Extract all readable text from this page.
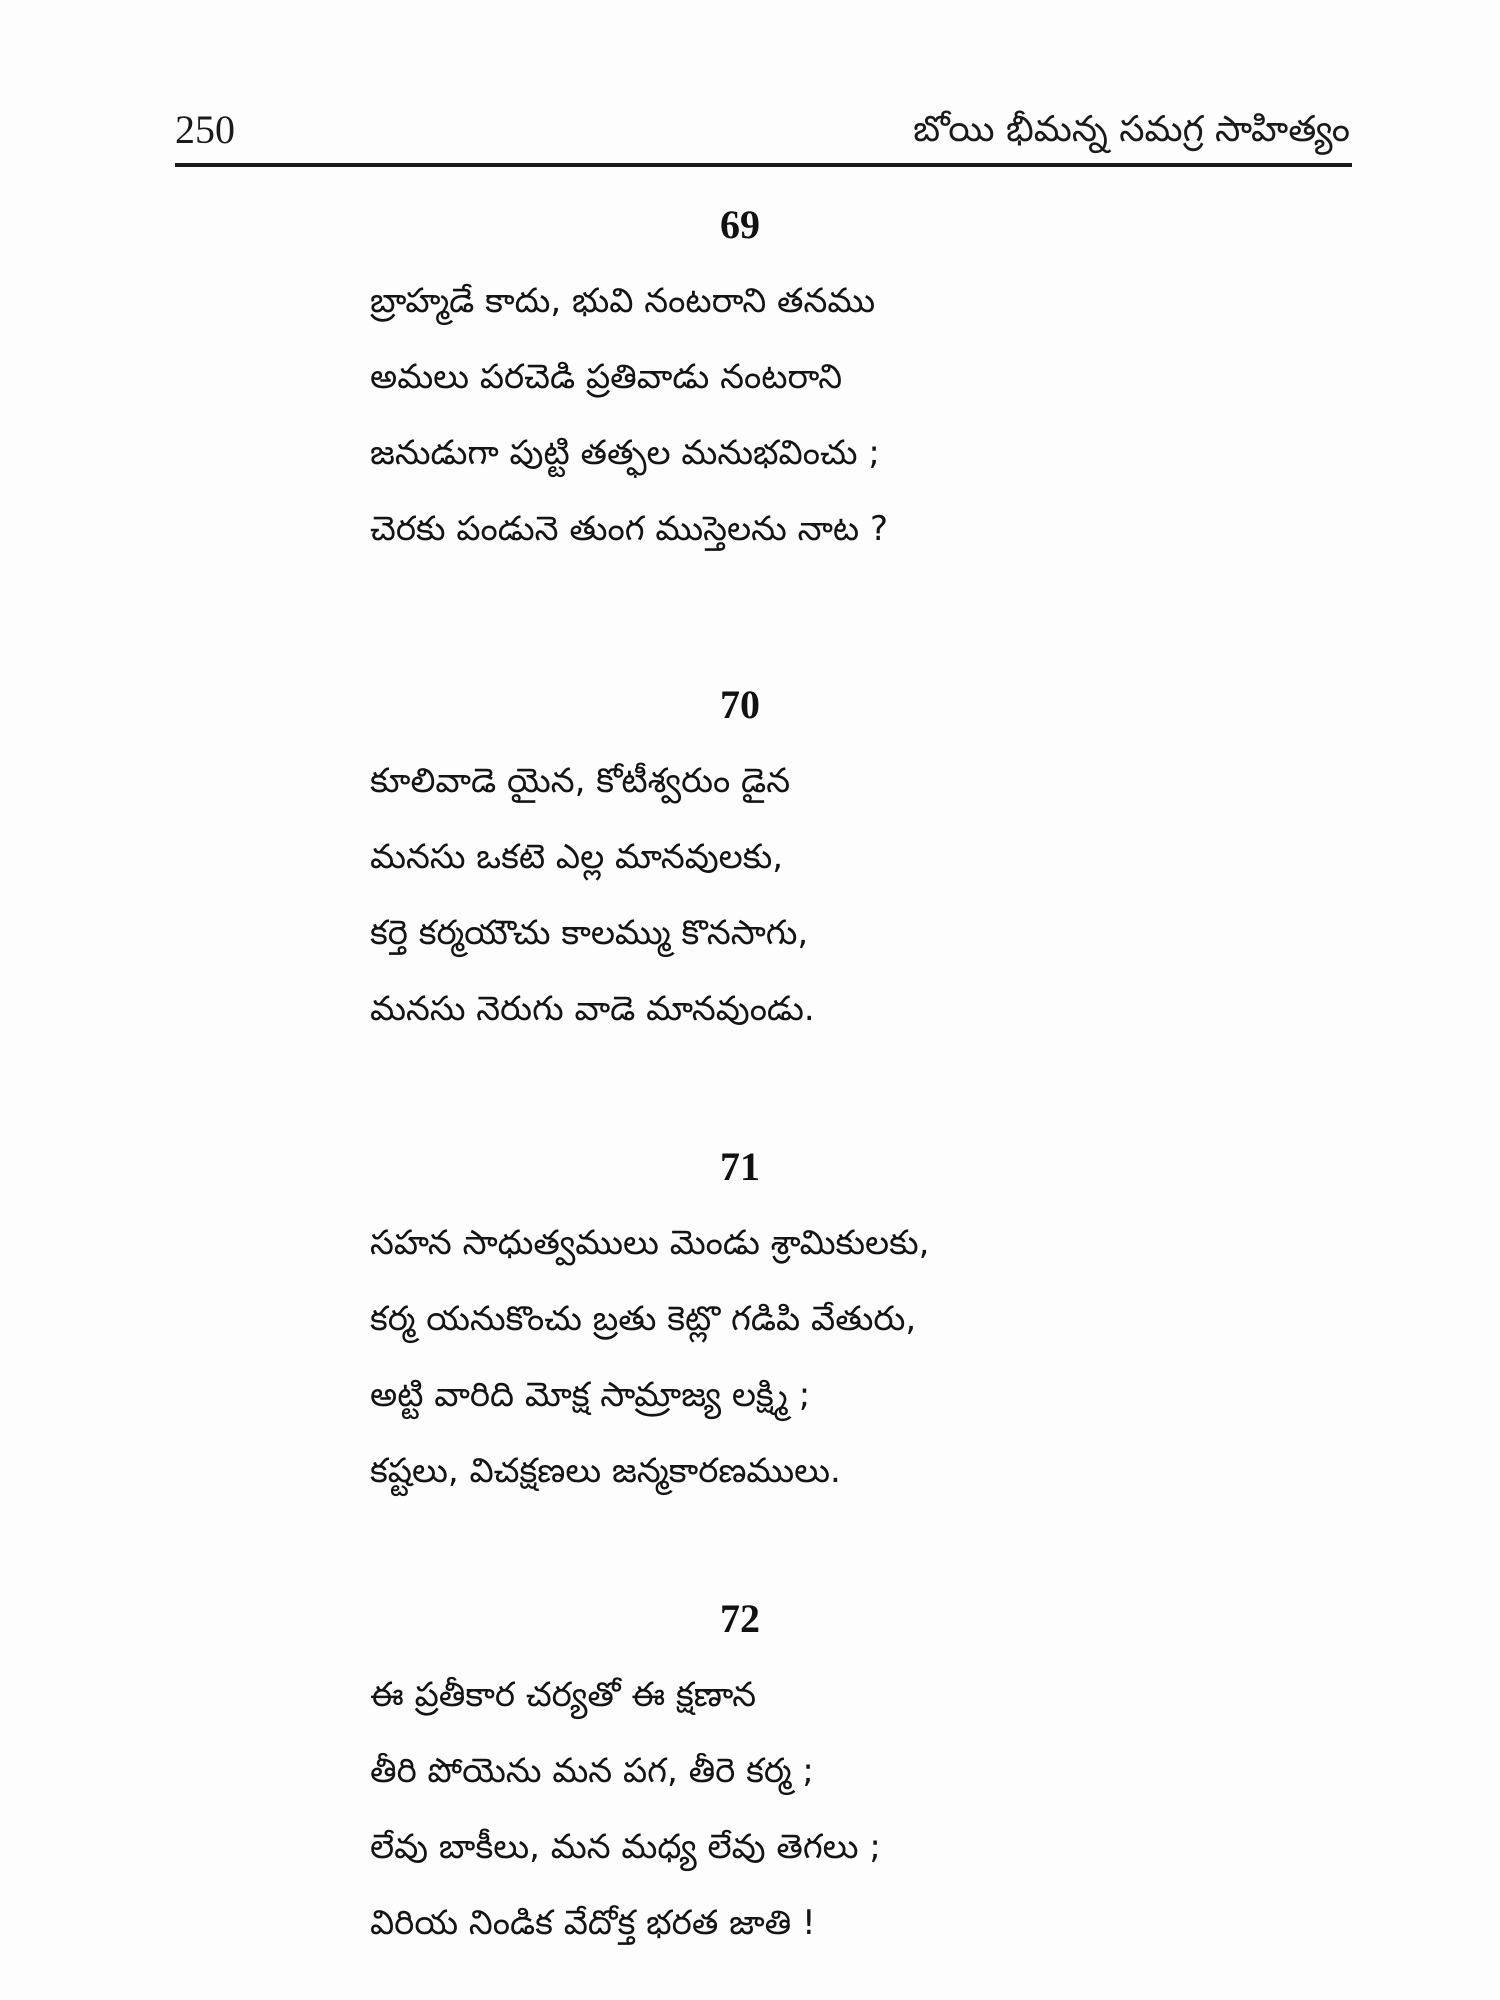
250	బోయి భీమన్న సమగ్ర సాహిత్యం
69
బ్రాహ్మడే కాదు, భువి నంటరాని తనము
అమలు పరచెడి ప్రతివాడు నంటరాని
జనుడుగా పుట్టి తత్ఫల మనుభవించు ;
చెరకు పండునె తుంగ ముస్తెలను నాట ?
70
కూలివాడె యైన, కోటీశ్వరుం డైన
మనసు ఒకటె ఎల్ల మానవులకు,
కర్తె కర్మయౌచు కాలమ్ము కొనసాగు,
మనసు నెరుగు వాడె మానవుండు.
71
సహన సాధుత్వములు మెండు శ్రామికులకు,
కర్మ యనుకొంచు బ్రతు కెట్లొ గడిపి వేతురు,
అట్టి వారిది మోక్ష సామ్రాజ్య లక్ష్మి ;
కష్టలు, విచక్షణలు జన్మకారణములు.
72
ఈ ప్రతీకార చర్యతో ఈ క్షణాన
తీరి పోయెను మన పగ, తీరె కర్మ ;
లేవు బాకీలు, మన మధ్య లేవు తెగలు ;
విరియ నిండిక వేదోక్త భరత జాతి !
